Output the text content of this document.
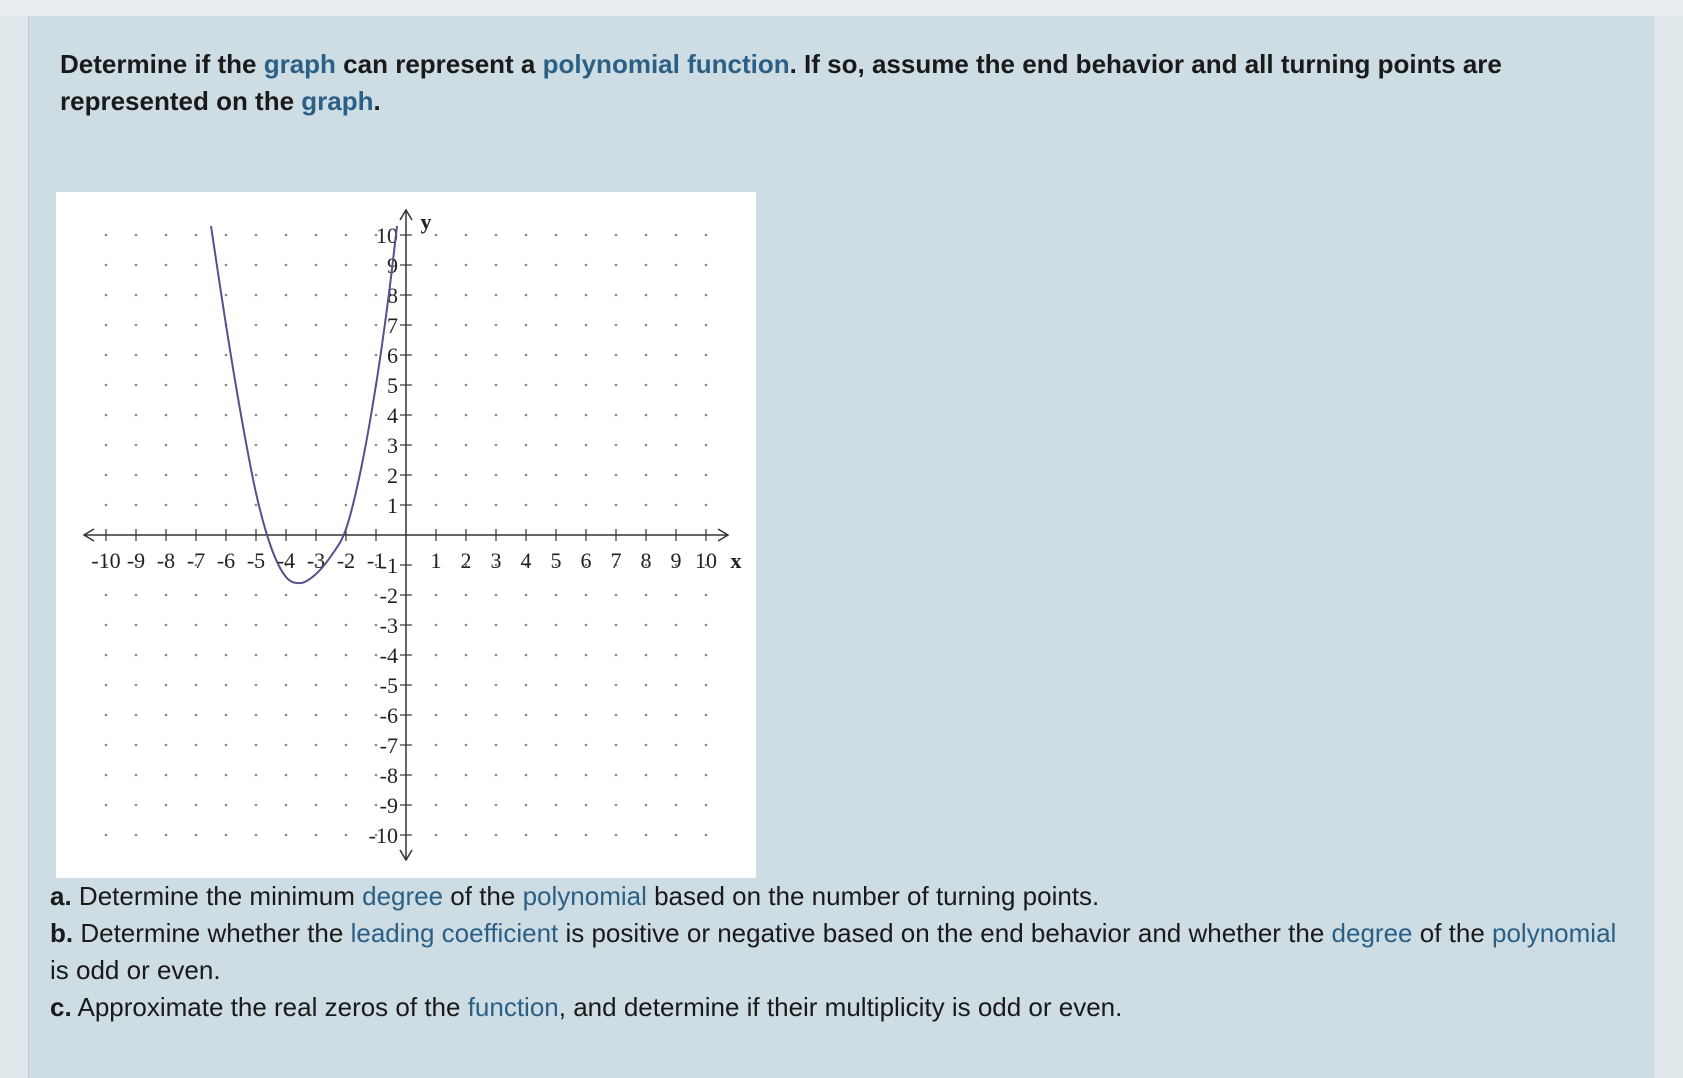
Determine if the graph can represent a polynomial function. If so, assume the end behavior and all turning points are represented on the graph.
-10 -9 -8 -7 -6 -5 -4 -3 -2 -1 1 2 3 4 5 6 7 8 9 10
10
9
8
7
6
5
4
3
2
1
-1
-2
-3
-4
-5
-6
-7
-8
-9
-10
x
y
a. Determine the minimum degree of the polynomial based on the number of turning points.
b. Determine whether the leading coefficient is positive or negative based on the end behavior and whether the degree of the polynomial is odd or even.
c. Approximate the real zeros of the function, and determine if their multiplicity is odd or even.
